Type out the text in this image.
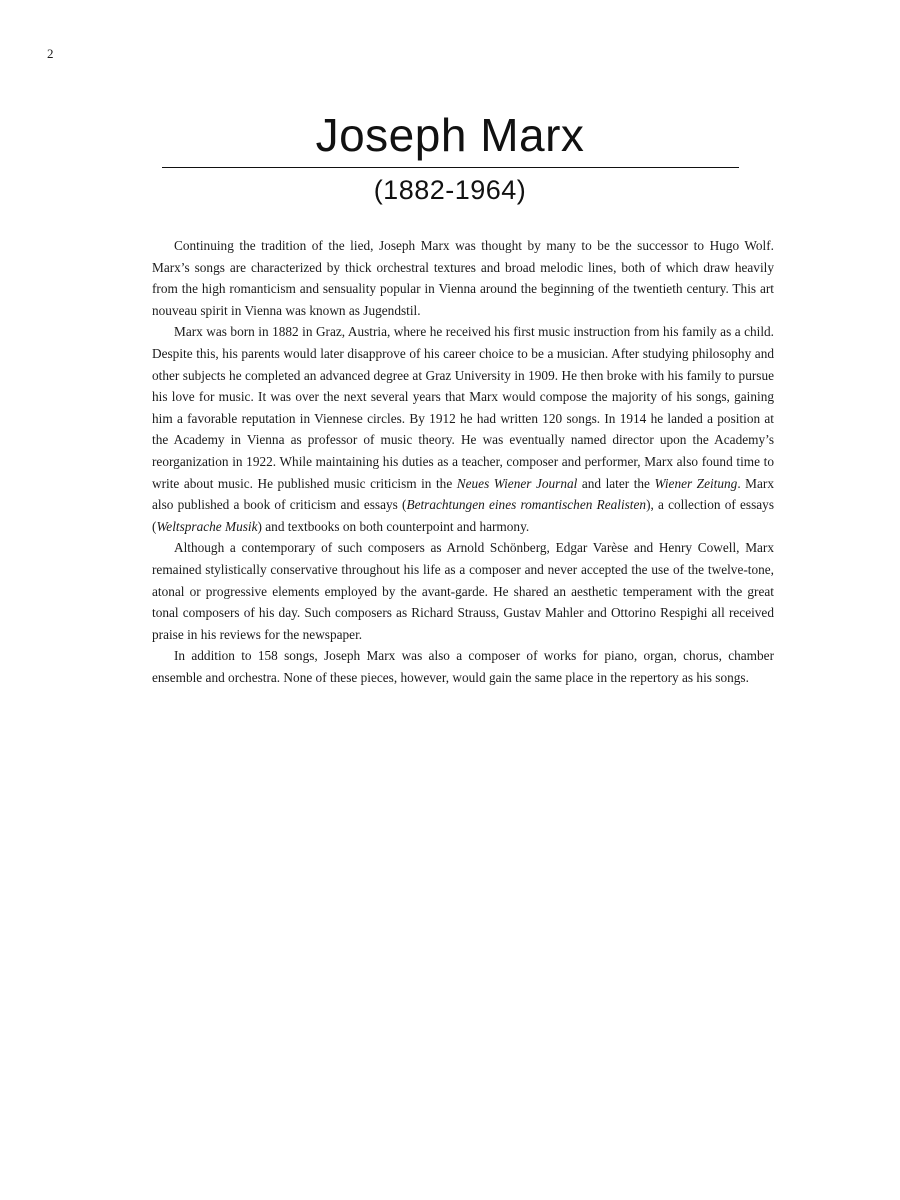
2
Joseph Marx
(1882-1964)

Continuing the tradition of the lied, Joseph Marx was thought by many to be the successor to Hugo Wolf. Marx’s songs are characterized by thick orchestral textures and broad melodic lines, both of which draw heavily from the high romanticism and sensuality popular in Vienna around the beginning of the twentieth century. This art nouveau spirit in Vienna was known as Jugendstil.

Marx was born in 1882 in Graz, Austria, where he received his first music instruction from his family as a child. Despite this, his parents would later disapprove of his career choice to be a musician. After studying philosophy and other subjects he completed an advanced degree at Graz University in 1909. He then broke with his family to pursue his love for music. It was over the next several years that Marx would compose the majority of his songs, gaining him a favorable reputation in Viennese circles. By 1912 he had written 120 songs. In 1914 he landed a position at the Academy in Vienna as professor of music theory. He was eventually named director upon the Academy’s reorganization in 1922. While maintaining his duties as a teacher, composer and performer, Marx also found time to write about music. He published music criticism in the Neues Wiener Journal and later the Wiener Zeitung. Marx also published a book of criticism and essays (Betrachtungen eines romantischen Realisten), a collection of essays (Weltsprache Musik) and textbooks on both counterpoint and harmony.

Although a contemporary of such composers as Arnold Schönberg, Edgar Varèse and Henry Cowell, Marx remained stylistically conservative throughout his life as a composer and never accepted the use of the twelve-tone, atonal or progressive elements employed by the avant-garde. He shared an aesthetic temperament with the great tonal composers of his day. Such composers as Richard Strauss, Gustav Mahler and Ottorino Respighi all received praise in his reviews for the newspaper.

In addition to 158 songs, Joseph Marx was also a composer of works for piano, organ, chorus, chamber ensemble and orchestra. None of these pieces, however, would gain the same place in the repertory as his songs.
